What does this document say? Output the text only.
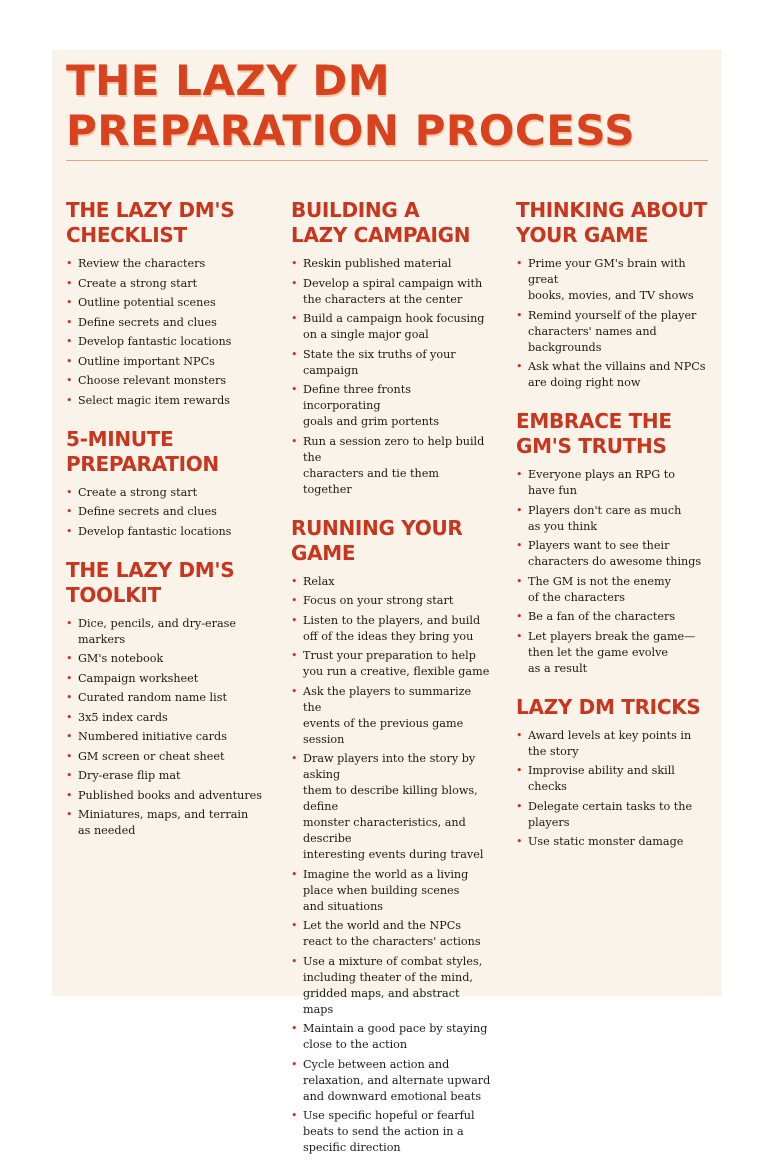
THE LAZY DM
PREPARATION PROCESS
THE LAZY DM'S
CHECKLIST
• Review the characters
• Create a strong start
• Outline potential scenes
• Define secrets and clues
• Develop fantastic locations
• Outline important NPCs
• Choose relevant monsters
• Select magic item rewards
5-MINUTE
PREPARATION
• Create a strong start
• Define secrets and clues
• Develop fantastic locations
THE LAZY DM'S
TOOLKIT
• Dice, pencils, and dry-erase markers
• GM's notebook
• Campaign worksheet
• Curated random name list
• 3x5 index cards
• Numbered initiative cards
• GM screen or cheat sheet
• Dry-erase flip mat
• Published books and adventures
• Miniatures, maps, and terrain
as needed
BUILDING A
LAZY CAMPAIGN
• Reskin published material
• Develop a spiral campaign with
the characters at the center
• Build a campaign hook focusing
on a single major goal
• State the six truths of your campaign
• Define three fronts incorporating
goals and grim portents
• Run a session zero to help build the
characters and tie them together
RUNNING YOUR GAME
• Relax
• Focus on your strong start
• Listen to the players, and build
off of the ideas they bring you
• Trust your preparation to help
you run a creative, flexible game
• Ask the players to summarize the
events of the previous game session
• Draw players into the story by asking
them to describe killing blows, define
monster characteristics, and describe
interesting events during travel
• Imagine the world as a living
place when building scenes
and situations
• Let the world and the NPCs
react to the characters' actions
• Use a mixture of combat styles,
including theater of the mind,
gridded maps, and abstract maps
• Maintain a good pace by staying
close to the action
• Cycle between action and
relaxation, and alternate upward
and downward emotional beats
• Use specific hopeful or fearful
beats to send the action in a
specific direction
THINKING ABOUT
YOUR GAME
• Prime your GM's brain with great
books, movies, and TV shows
• Remind yourself of the player
characters' names and backgrounds
• Ask what the villains and NPCs
are doing right now
EMBRACE THE
GM'S TRUTHS
• Everyone plays an RPG to
have fun
• Players don't care as much
as you think
• Players want to see their
characters do awesome things
• The GM is not the enemy
of the characters
• Be a fan of the characters
• Let players break the game—
then let the game evolve
as a result
LAZY DM TRICKS
• Award levels at key points in
the story
• Improvise ability and skill checks
• Delegate certain tasks to the players
• Use static monster damage
